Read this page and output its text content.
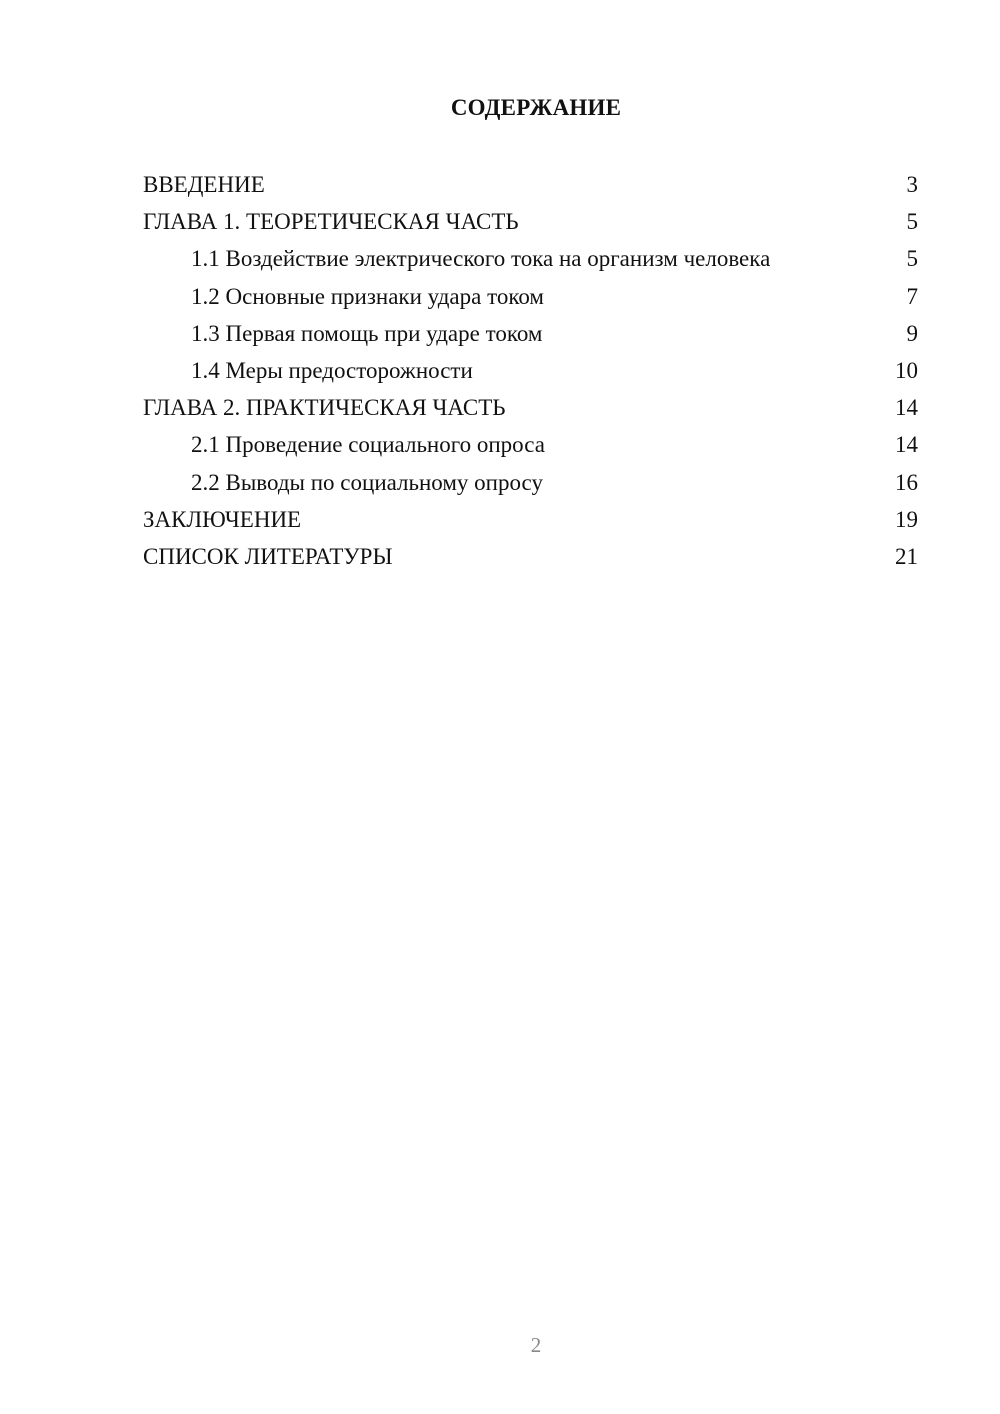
СОДЕРЖАНИЕ
ВВЕДЕНИЕ	3
ГЛАВА 1. ТЕОРЕТИЧЕСКАЯ ЧАСТЬ	5
1.1 Воздействие электрического тока на организм человека	5
1.2 Основные признаки удара током	7
1.3 Первая помощь при ударе током	9
1.4 Меры предосторожности	10
ГЛАВА 2. ПРАКТИЧЕСКАЯ ЧАСТЬ	14
2.1 Проведение социального опроса	14
2.2 Выводы по социальному опросу	16
ЗАКЛЮЧЕНИЕ	19
СПИСОК ЛИТЕРАТУРЫ	21
2
